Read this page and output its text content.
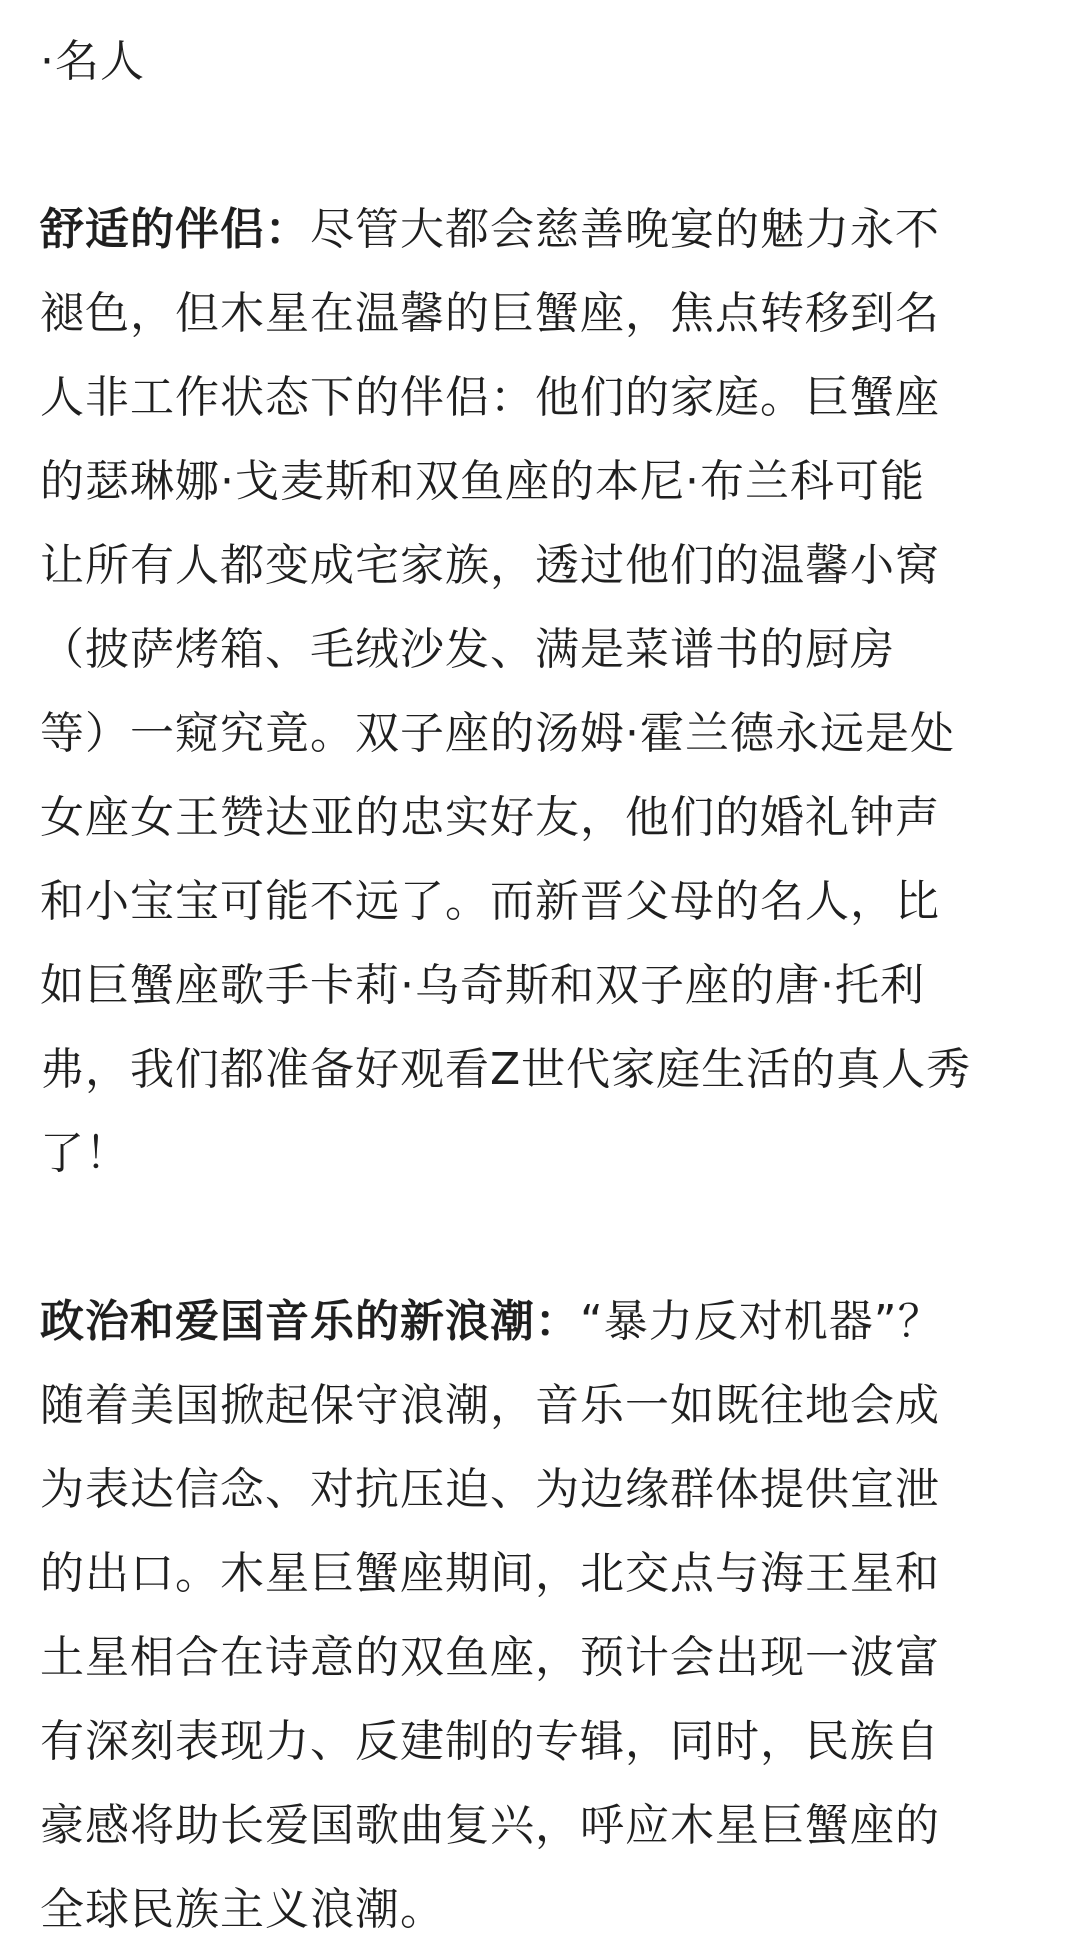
·名人
舒适的伴侣：尽管大都会慈善晚宴的魅力永不
褪色，但木星在温馨的巨蟹座，焦点转移到名
人非工作状态下的伴侣：他们的家庭。巨蟹座
的瑟琳娜·戈麦斯和双鱼座的本尼·布兰科可能
让所有人都变成宅家族，透过他们的温馨小窝
（披萨烤箱、毛绒沙发、满是菜谱书的厨房
等）一窥究竟。双子座的汤姆·霍兰德永远是处
女座女王赞达亚的忠实好友，他们的婚礼钟声
和小宝宝可能不远了。而新晋父母的名人，比
如巨蟹座歌手卡莉·乌奇斯和双子座的唐·托利
弗，我们都准备好观看Z世代家庭生活的真人秀
了！
政治和爱国音乐的新浪潮：“暴力反对机器”？
随着美国掀起保守浪潮，音乐一如既往地会成
为表达信念、对抗压迫、为边缘群体提供宣泄
的出口。木星巨蟹座期间，北交点与海王星和
土星相合在诗意的双鱼座，预计会出现一波富
有深刻表现力、反建制的专辑，同时，民族自
豪感将助长爱国歌曲复兴，呼应木星巨蟹座的
全球民族主义浪潮。
